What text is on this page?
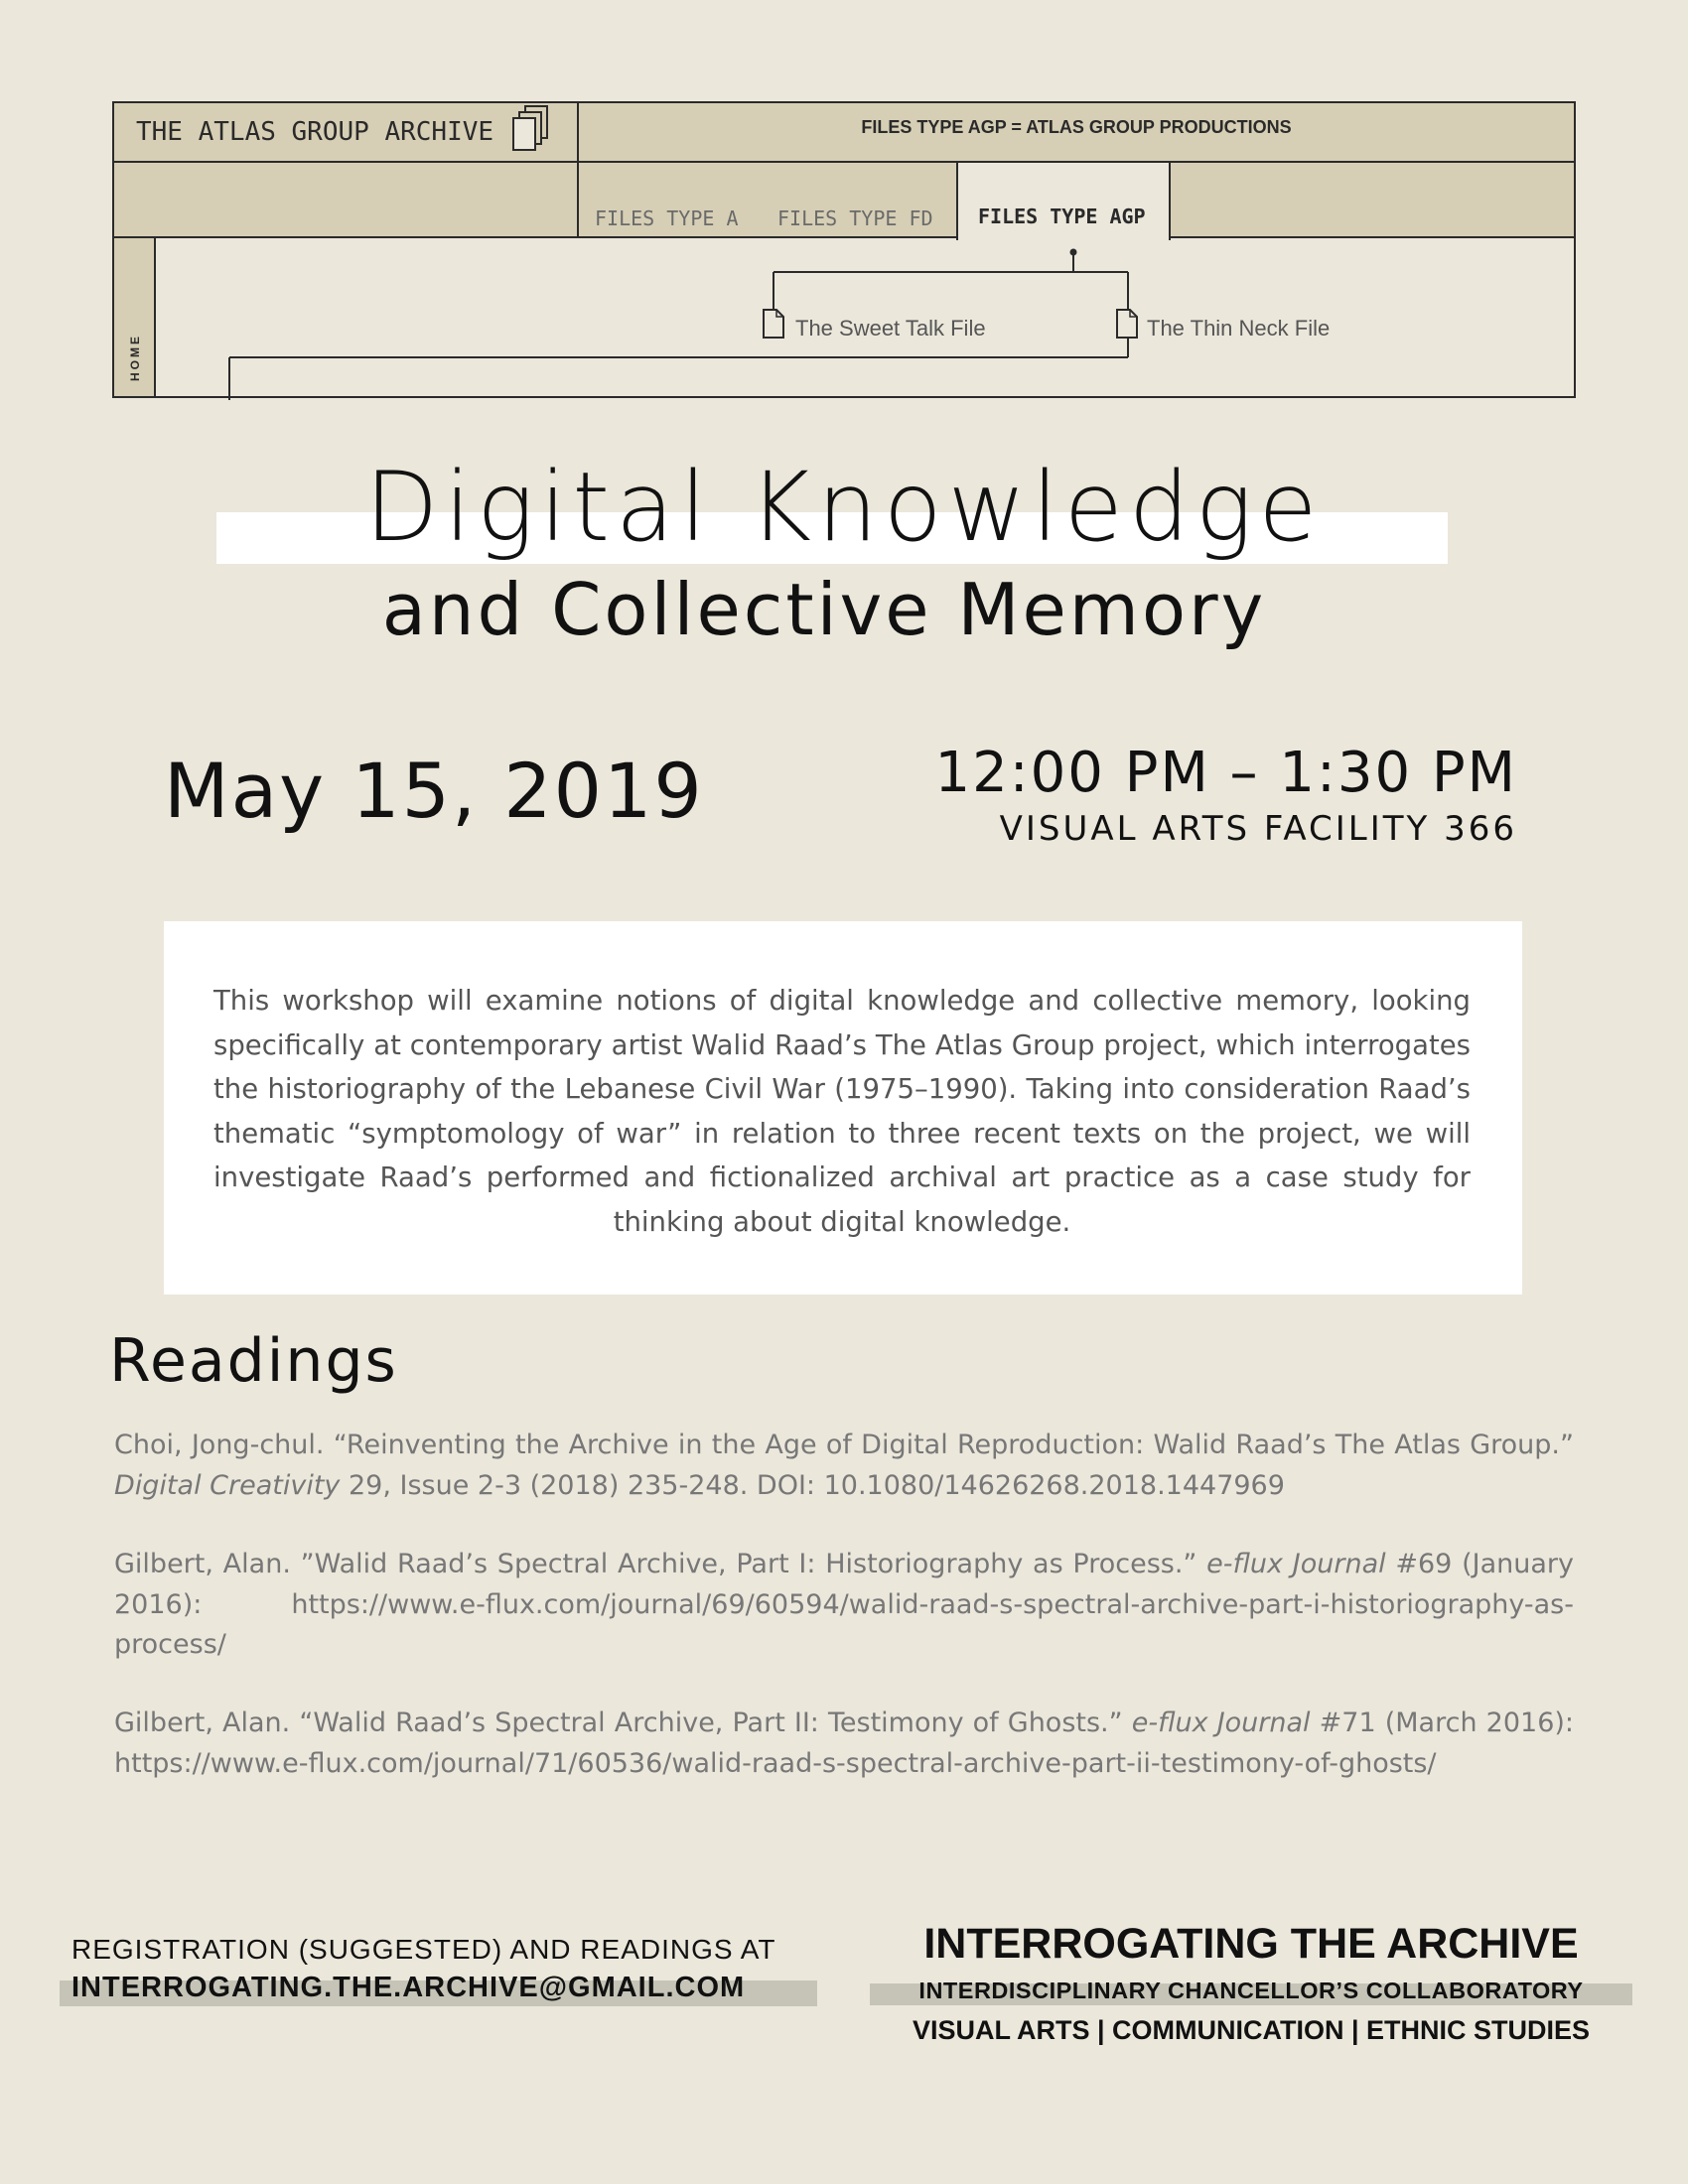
THE ATLAS GROUP ARCHIVE	FILES TYPE AGP = ATLAS GROUP PRODUCTIONS
FILES TYPE A FILES TYPE FD FILES TYPE AGP
HOME
The Sweet Talk File	The Thin Neck File
Digital Knowledge
and Collective Memory
May 15, 2019	12:00 PM – 1:30 PM
VISUAL ARTS FACILITY 366

This workshop will examine notions of digital knowledge and collective memory, looking specifically at contemporary artist Walid Raad’s The Atlas Group project, which interrogates the historiography of the Lebanese Civil War (1975–1990). Taking into consideration Raad’s thematic “symptomology of war” in relation to three recent texts on the project, we will investigate Raad’s performed and fictionalized archival art practice as a case study for thinking about digital knowledge.

Readings

Choi, Jong-chul. “Reinventing the Archive in the Age of Digital Reproduction: Walid Raad’s The Atlas Group.” Digital Creativity 29, Issue 2-3 (2018) 235-248. DOI: 10.1080/14626268.2018.1447969

Gilbert, Alan. ”Walid Raad’s Spectral Archive, Part I: Historiography as Process.” e-flux Journal #69 (January 2016): https://www.e-flux.com/journal/69/60594/walid-raad-s-spectral-archive-part-i-historiography-as-process/

Gilbert, Alan. “Walid Raad’s Spectral Archive, Part II: Testimony of Ghosts.” e-flux Journal #71 (March 2016): https://www.e-flux.com/journal/71/60536/walid-raad-s-spectral-archive-part-ii-testimony-of-ghosts/

REGISTRATION (SUGGESTED) AND READINGS AT
INTERROGATING.THE.ARCHIVE@GMAIL.COM
INTERROGATING THE ARCHIVE
INTERDISCIPLINARY CHANCELLOR’S COLLABORATORY
VISUAL ARTS | COMMUNICATION | ETHNIC STUDIES
